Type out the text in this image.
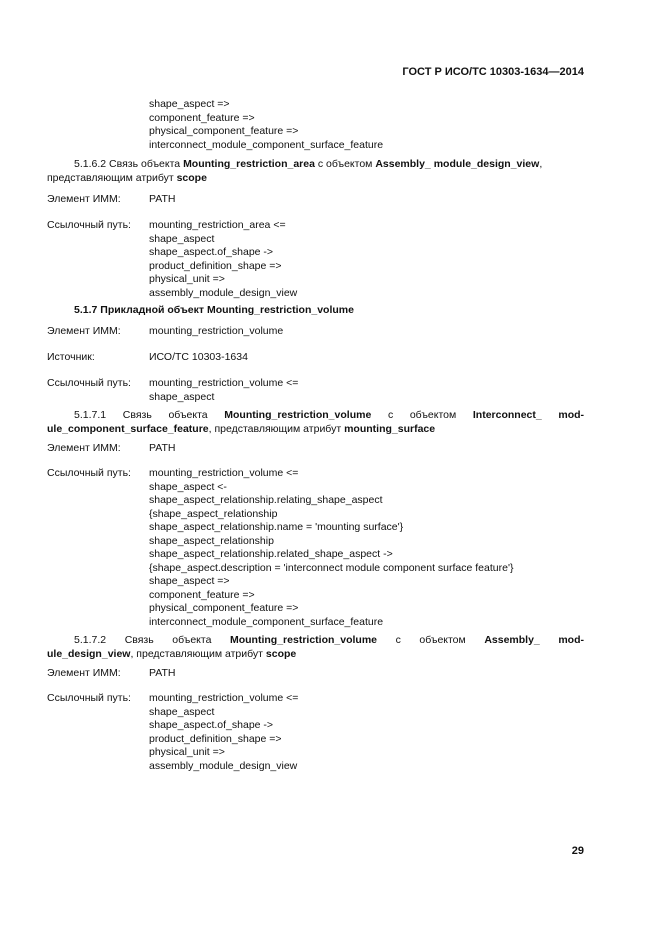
ГОСТ Р ИСО/ТС 10303-1634—2014
shape_aspect =>
component_feature =>
physical_component_feature =>
interconnect_module_component_surface_feature

5.1.6.2 Связь объекта Mounting_restriction_area с объектом Assembly_ module_design_view,

представляющим атрибут scope

Элемент ИММ:	PATH
Ссылочный путь: mounting_restriction_area <=
shape_aspect
shape_aspect.of_shape ->
product_definition_shape =>
physical_unit =>
assembly_module_design_view

5.1.7 Прикладной объект Mounting_restriction_volume

Элемент ИММ:	mounting_restriction_volume
Источник:	ИСО/ТС 10303-1634
Ссылочный путь: mounting_restriction_volume <=
shape_aspect

5.1.7.1 Связь объекта Mounting_restriction_volume с объектом Interconnect_ mod-

ule_component_surface_feature, представляющим атрибут mounting_surface

Элемент ИММ:	PATH
Ссылочный путь: mounting_restriction_volume <=
shape_aspect <-
shape_aspect_relationship.relating_shape_aspect
{shape_aspect_relationship
shape_aspect_relationship.name = 'mounting surface'}
shape_aspect_relationship
shape_aspect_relationship.related_shape_aspect ->
{shape_aspect.description = 'interconnect module component surface feature'}
shape_aspect =>
component_feature =>
physical_component_feature =>
interconnect_module_component_surface_feature

5.1.7.2 Связь объекта Mounting_restriction_volume с объектом Assembly_ mod-

ule_design_view, представляющим атрибут scope

Элемент ИММ:	PATH
Ссылочный путь: mounting_restriction_volume <=
shape_aspect
shape_aspect.of_shape ->
product_definition_shape =>
physical_unit =>
assembly_module_design_view
29
